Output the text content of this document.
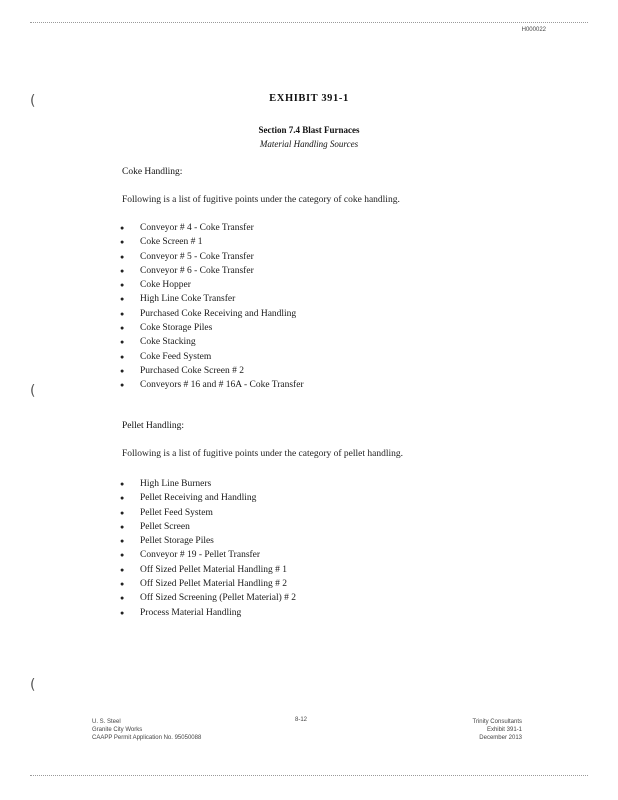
H000022
(
(
(
EXHIBIT 391-1
Section 7.4 Blast Furnaces
Material Handling Sources
Coke Handling:
Following is a list of fugitive points under the category of coke handling.
● Conveyor # 4 - Coke Transfer
● Coke Screen # 1
● Conveyor # 5 - Coke Transfer
● Conveyor # 6 - Coke Transfer
● Coke Hopper
● High Line Coke Transfer
● Purchased Coke Receiving and Handling
● Coke Storage Piles
● Coke Stacking
● Coke Feed System
● Purchased Coke Screen # 2
● Conveyors # 16 and # 16A - Coke Transfer
Pellet Handling:
Following is a list of fugitive points under the category of pellet handling.
● High Line Burners
● Pellet Receiving and Handling
● Pellet Feed System
● Pellet Screen
● Pellet Storage Piles
● Conveyor # 19 - Pellet Transfer
● Off Sized Pellet Material Handling # 1
● Off Sized Pellet Material Handling # 2
● Off Sized Screening (Pellet Material) # 2
● Process Material Handling
U. S. Steel
Granite City Works
CAAPP Permit Application No. 95050088
8-12	Trinity Consultants
Exhibit 391-1
December 2013
